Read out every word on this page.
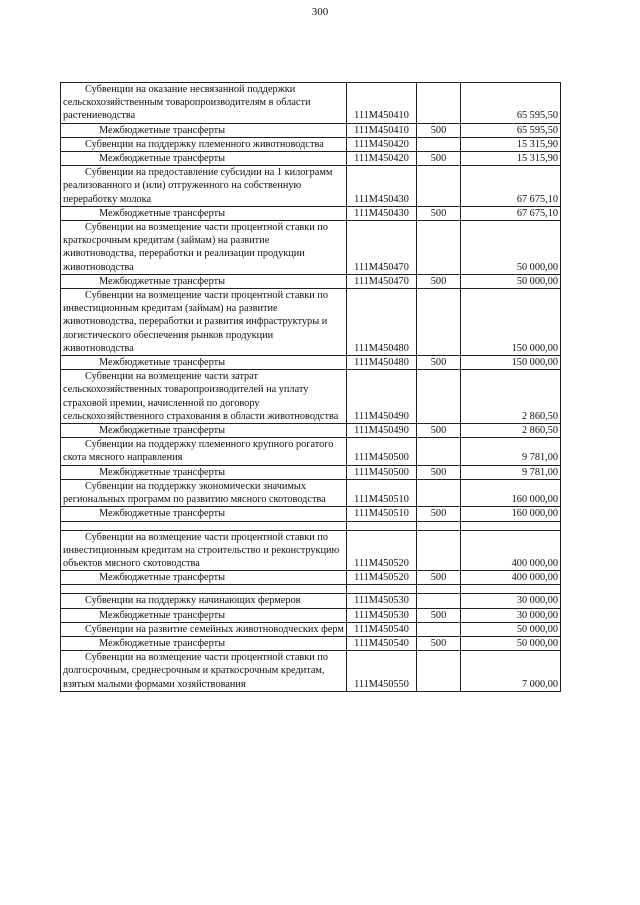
300
Субвенции на оказание несвязанной поддержки сельскохозяйственным товаропроизводителям в области растениеводства	111M450410		65 595,50
Межбюджетные трансферты	111M450410	500	65 595,50
Субвенции на поддержку племенного животноводства	111M450420		15 315,90
Межбюджетные трансферты	111M450420	500	15 315,90
Субвенции на предоставление субсидии на 1 килограмм реализованного и (или) отгруженного на собственную переработку молока	111M450430		67 675,10
Межбюджетные трансферты	111M450430	500	67 675,10
Субвенции на возмещение части процентной ставки по краткосрочным кредитам (займам) на развитие животноводства, переработки и реализации продукции животноводства	111M450470		50 000,00
Межбюджетные трансферты	111M450470	500	50 000,00
Субвенции на возмещение части процентной ставки по инвестиционным кредитам (займам) на развитие животноводства, переработки и развития инфраструктуры и логистического обеспечения рынков продукции животноводства	111M450480		150 000,00
Межбюджетные трансферты	111M450480	500	150 000,00
Субвенции на возмещение части затрат сельскохозяйственных товаропроизводителей на уплату страховой премии, начисленной по договору сельскохозяйственного страхования в области животноводства	111M450490		2 860,50
Межбюджетные трансферты	111M450490	500	2 860,50
Субвенции на поддержку племенного крупного рогатого скота мясного направления	111M450500		9 781,00
Межбюджетные трансферты	111M450500	500	9 781,00
Субвенции на поддержку экономически значимых региональных программ по развитию мясного скотоводства	111M450510		160 000,00
Межбюджетные трансферты	111M450510	500	160 000,00

Субвенции на возмещение части процентной ставки по инвестиционным кредитам на строительство и реконструкцию объектов мясного скотоводства	111M450520		400 000,00
Межбюджетные трансферты	111M450520	500	400 000,00

Субвенции на поддержку начинающих фермеров	111M450530		30 000,00
Межбюджетные трансферты	111M450530	500	30 000,00
Субвенции на развитие семейных животноводческих ферм	111M450540		50 000,00
Межбюджетные трансферты	111M450540	500	50 000,00
Субвенции на возмещение части процентной ставки по долгосрочным, среднесрочным и краткосрочным кредитам, взятым малыми формами хозяйствования	111M450550		7 000,00
